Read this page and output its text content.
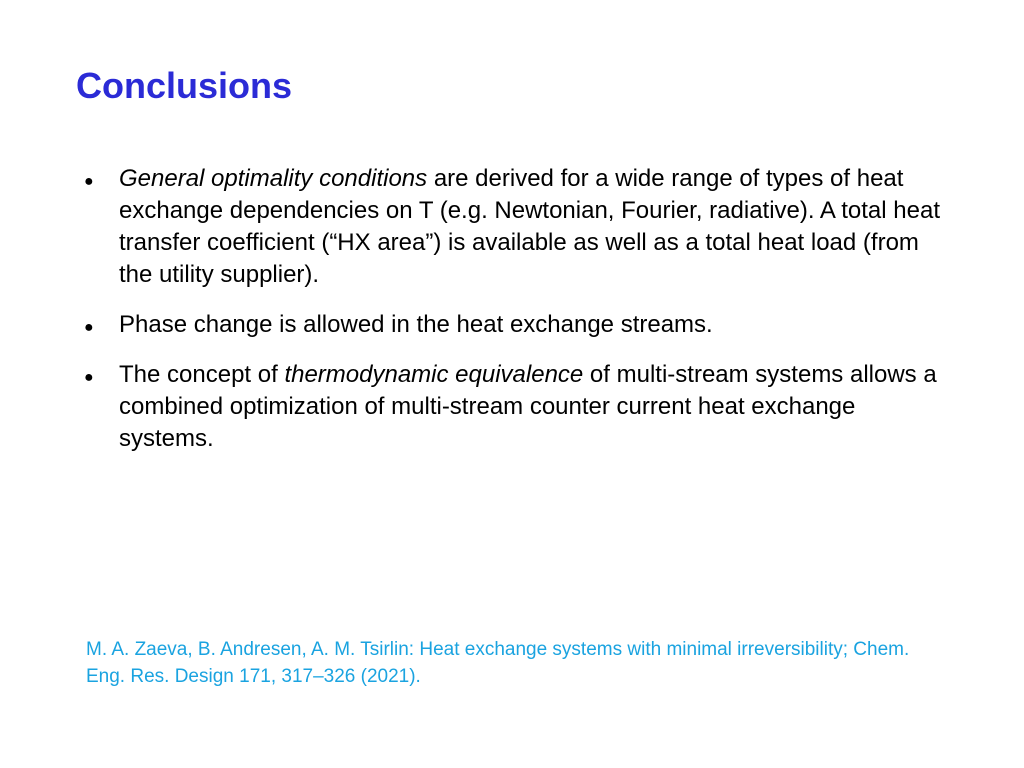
Conclusions
● General optimality conditions are derived for a wide range of types of heat exchange dependencies on T (e.g. Newtonian, Fourier, radiative). A total heat transfer coefficient (“HX area”) is available as well as a total heat load (from the utility supplier).
● Phase change is allowed in the heat exchange streams.
● The concept of thermodynamic equivalence of multi-stream systems allows a combined optimization of multi-stream counter current heat exchange systems.

M. A. Zaeva, B. Andresen, A. M. Tsirlin: Heat exchange systems with minimal irreversibility; Chem. Eng. Res. Design 171, 317–326 (2021).
